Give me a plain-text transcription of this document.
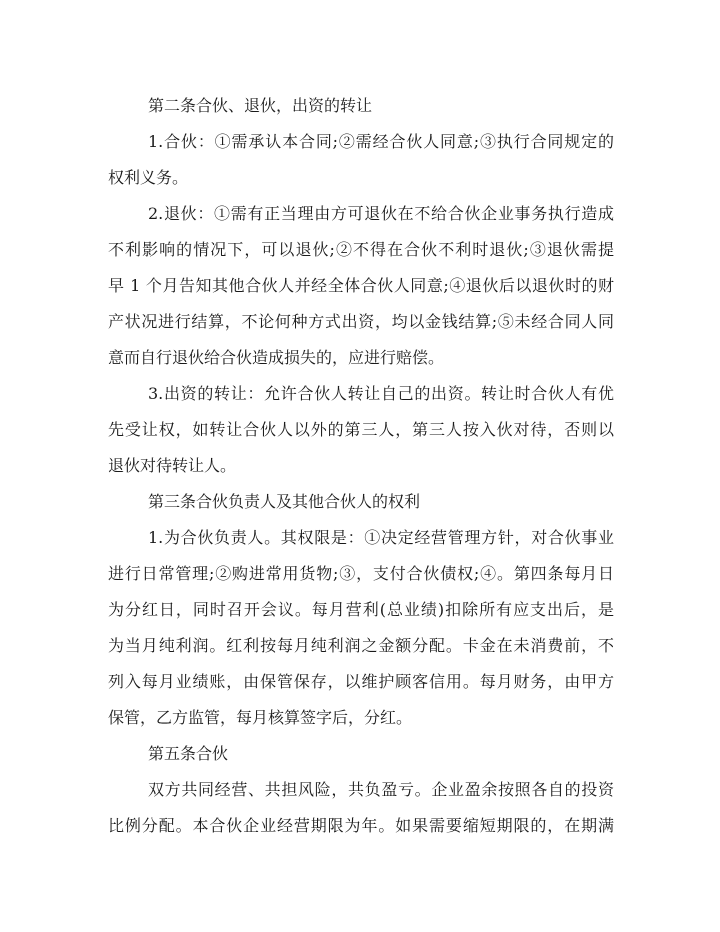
第二条合伙、退伙，出资的转让
1.合伙：①需承认本合同;②需经合伙人同意;③执行合同规定的
权利义务。
2.退伙：①需有正当理由方可退伙在不给合伙企业事务执行造成
不利影响的情况下，可以退伙;②不得在合伙不利时退伙;③退伙需提
早 1 个月告知其他合伙人并经全体合伙人同意;④退伙后以退伙时的财
产状况进行结算，不论何种方式出资，均以金钱结算;⑤未经合同人同
意而自行退伙给合伙造成损失的，应进行赔偿。
3.出资的转让：允许合伙人转让自己的出资。转让时合伙人有优
先受让权，如转让合伙人以外的第三人，第三人按入伙对待，否则以
退伙对待转让人。
第三条合伙负责人及其他合伙人的权利
1.为合伙负责人。其权限是：①决定经营管理方针，对合伙事业
进行日常管理;②购进常用货物;③，支付合伙债权;④。第四条每月日
为分红日，同时召开会议。每月营利(总业绩)扣除所有应支出后，是
为当月纯利润。红利按每月纯利润之金额分配。卡金在未消费前，不
列入每月业绩账，由保管保存，以维护顾客信用。每月财务，由甲方
保管，乙方监管，每月核算签字后，分红。
第五条合伙
双方共同经营、共担风险，共负盈亏。企业盈余按照各自的投资
比例分配。本合伙企业经营期限为年。如果需要缩短期限的，在期满
